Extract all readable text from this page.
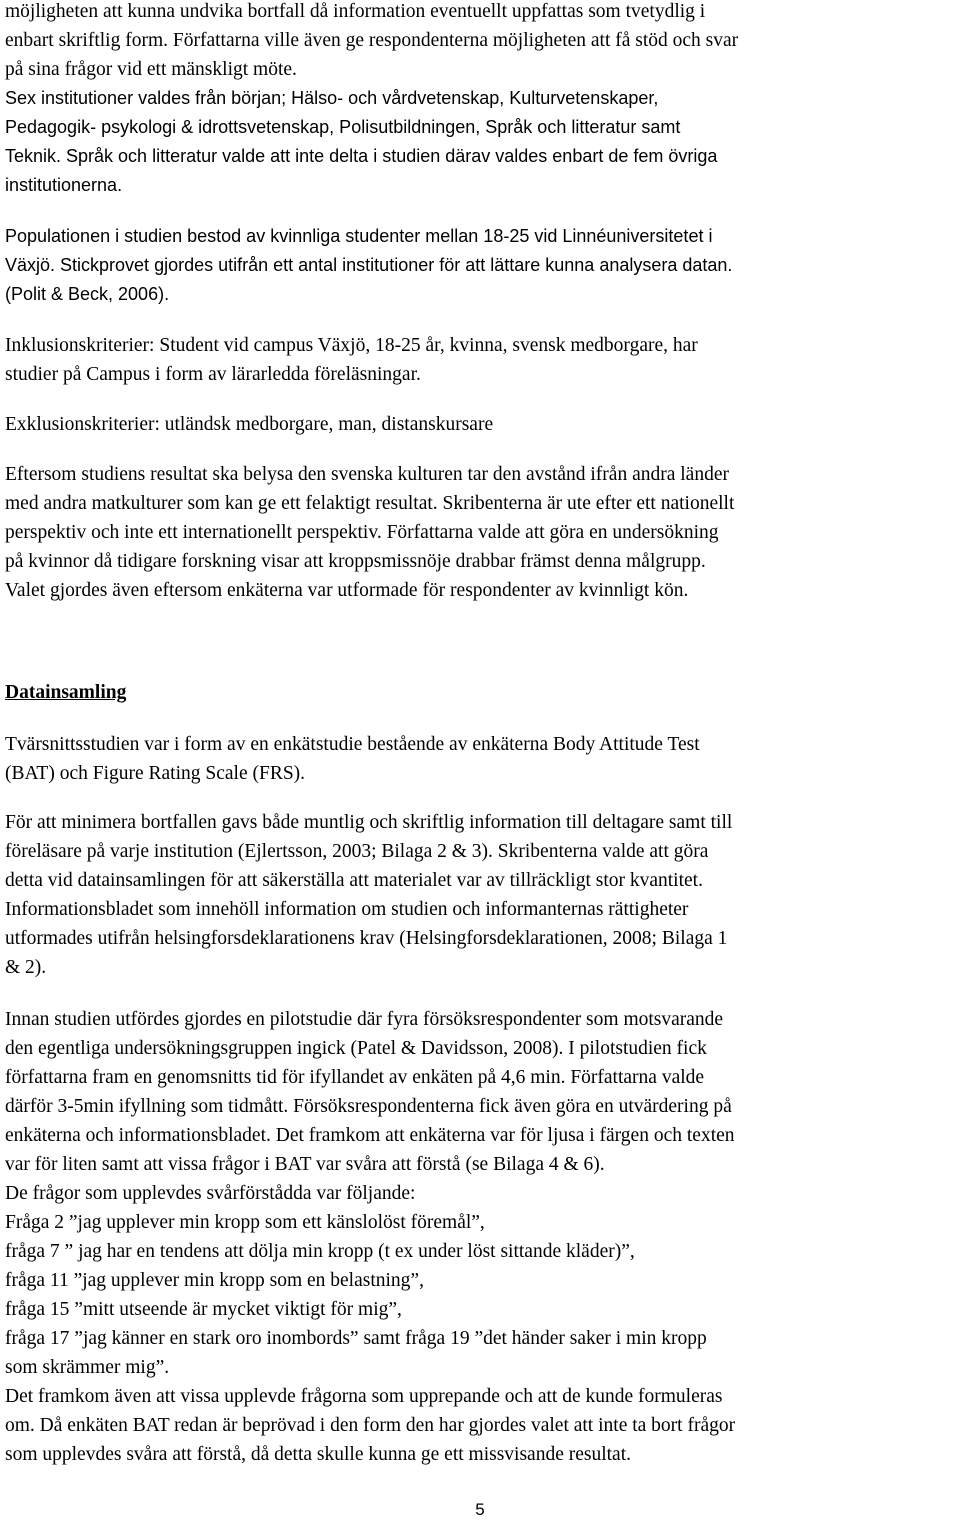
möjligheten att kunna undvika bortfall då information eventuellt uppfattas som tvetydlig i
enbart skriftlig form. Författarna ville även ge respondenterna möjligheten att få stöd och svar
på sina frågor vid ett mänskligt möte.
Sex institutioner valdes från början; Hälso- och vårdvetenskap, Kulturvetenskaper,
Pedagogik- psykologi & idrottsvetenskap, Polisutbildningen, Språk och litteratur samt
Teknik. Språk och litteratur valde att inte delta i studien därav valdes enbart de fem övriga
institutionerna.
Populationen i studien bestod av kvinnliga studenter mellan 18-25 vid Linnéuniversitetet i
Växjö. Stickprovet gjordes utifrån ett antal institutioner för att lättare kunna analysera datan.
(Polit & Beck, 2006).
Inklusionskriterier: Student vid campus Växjö, 18-25 år, kvinna, svensk medborgare, har
studier på Campus i form av lärarledda föreläsningar.
Exklusionskriterier: utländsk medborgare, man, distanskursare
Eftersom studiens resultat ska belysa den svenska kulturen tar den avstånd ifrån andra länder
med andra matkulturer som kan ge ett felaktigt resultat. Skribenterna är ute efter ett nationellt
perspektiv och inte ett internationellt perspektiv. Författarna valde att göra en undersökning
på kvinnor då tidigare forskning visar att kroppsmissnöje drabbar främst denna målgrupp.
Valet gjordes även eftersom enkäterna var utformade för respondenter av kvinnligt kön.
Datainsamling
Tvärsnittsstudien var i form av en enkätstudie bestående av enkäterna Body Attitude Test
(BAT) och Figure Rating Scale (FRS).
För att minimera bortfallen gavs både muntlig och skriftlig information till deltagare samt till
föreläsare på varje institution (Ejlertsson, 2003; Bilaga 2 & 3). Skribenterna valde att göra
detta vid datainsamlingen för att säkerställa att materialet var av tillräckligt stor kvantitet.
Informationsbladet som innehöll information om studien och informanternas rättigheter
utformades utifrån helsingforsdeklarationens krav (Helsingforsdeklarationen, 2008; Bilaga 1
& 2).
Innan studien utfördes gjordes en pilotstudie där fyra försöksrespondenter som motsvarande
den egentliga undersökningsgruppen ingick (Patel & Davidsson, 2008). I pilotstudien fick
författarna fram en genomsnitts tid för ifyllandet av enkäten på 4,6 min. Författarna valde
därför 3-5min ifyllning som tidmått. Försöksrespondenterna fick även göra en utvärdering på
enkäterna och informationsbladet. Det framkom att enkäterna var för ljusa i färgen och texten
var för liten samt att vissa frågor i BAT var svåra att förstå (se Bilaga 4 & 6).
De frågor som upplevdes svårförstådda var följande:
Fråga 2 ”jag upplever min kropp som ett känslolöst föremål”,
fråga 7 ” jag har en tendens att dölja min kropp (t ex under löst sittande kläder)”,
fråga 11 ”jag upplever min kropp som en belastning”,
fråga 15 ”mitt utseende är mycket viktigt för mig”,
fråga 17 ”jag känner en stark oro inombords” samt fråga 19 ”det händer saker i min kropp
som skrämmer mig”.
Det framkom även att vissa upplevde frågorna som upprepande och att de kunde formuleras
om. Då enkäten BAT redan är beprövad i den form den har gjordes valet att inte ta bort frågor
som upplevdes svåra att förstå, då detta skulle kunna ge ett missvisande resultat.
5
